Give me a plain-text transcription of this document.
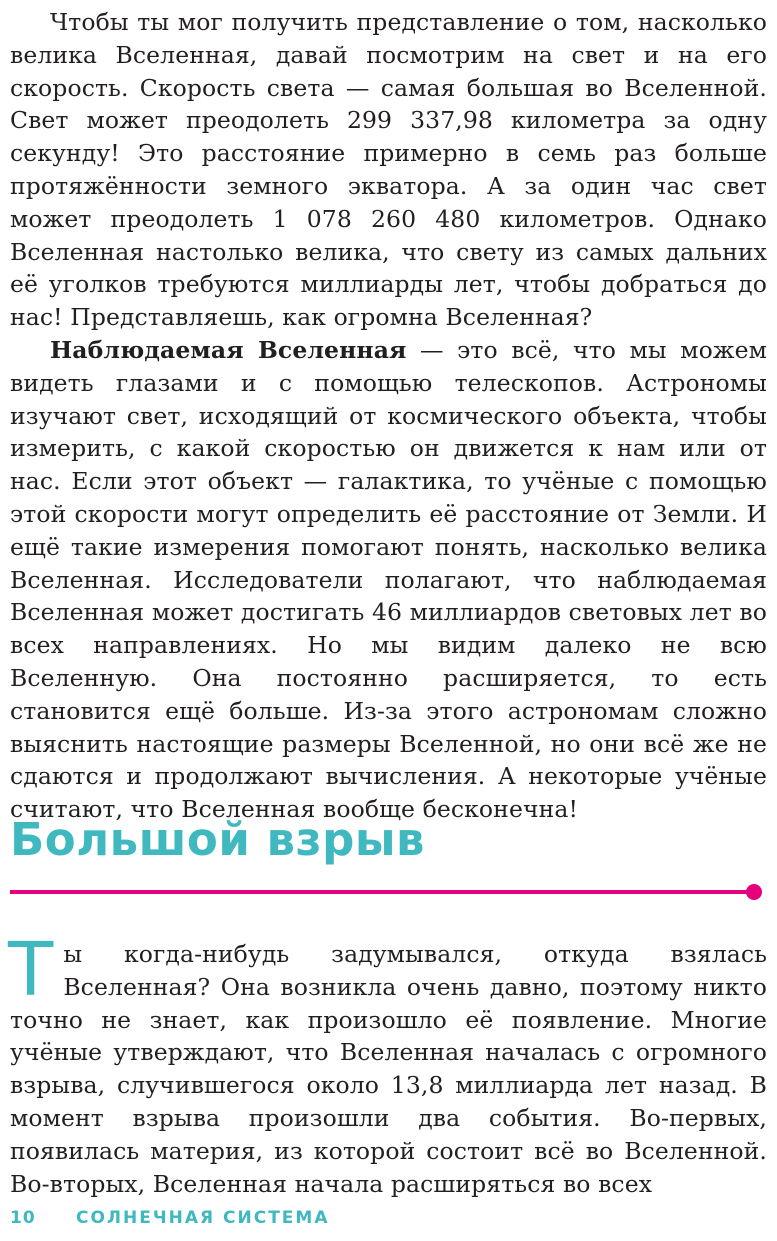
Чтобы ты мог получить представление о том, насколько велика Вселенная, давай посмотрим на свет и на его скорость. Скорость света — самая большая во Вселенной. Свет может преодолеть 299 337,98 километра за одну секунду! Это расстояние примерно в семь раз больше протяжённости земного экватора. А за один час свет может преодолеть 1 078 260 480 километров. Однако Вселенная настолько велика, что свету из самых дальних её уголков требуются миллиарды лет, чтобы добраться до нас! Представляешь, как огромна Вселенная?

Наблюдаемая Вселенная — это всё, что мы можем видеть глазами и с помощью телескопов. Астрономы изучают свет, исходящий от космического объекта, чтобы измерить, с какой скоростью он движется к нам или от нас. Если этот объект — галактика, то учёные с помощью этой скорости могут определить её расстояние от Земли. И ещё такие измерения помогают понять, насколько велика Вселенная. Исследователи полагают, что наблюдаемая Вселенная может достигать 46 миллиардов световых лет во всех направлениях. Но мы видим далеко не всю Вселенную. Она постоянно расширяется, то есть становится ещё больше. Из-за этого астрономам сложно выяснить настоящие размеры Вселенной, но они всё же не сдаются и продолжают вычисления. А некоторые учёные считают, что Вселенная вообще бесконечна!

Большой взрыв

Ты когда-нибудь задумывался, откуда взялась Вселенная? Она возникла очень давно, поэтому никто точно не знает, как произошло её появление. Многие учёные утверждают, что Вселенная началась с огромного взрыва, случившегося около 13,8 миллиарда лет назад. В момент взрыва произошли два события. Во-первых, появилась материя, из которой состоит всё во Вселенной. Во-вторых, Вселенная начала расширяться во всех

10 СОЛНЕЧНАЯ СИСТЕМА
